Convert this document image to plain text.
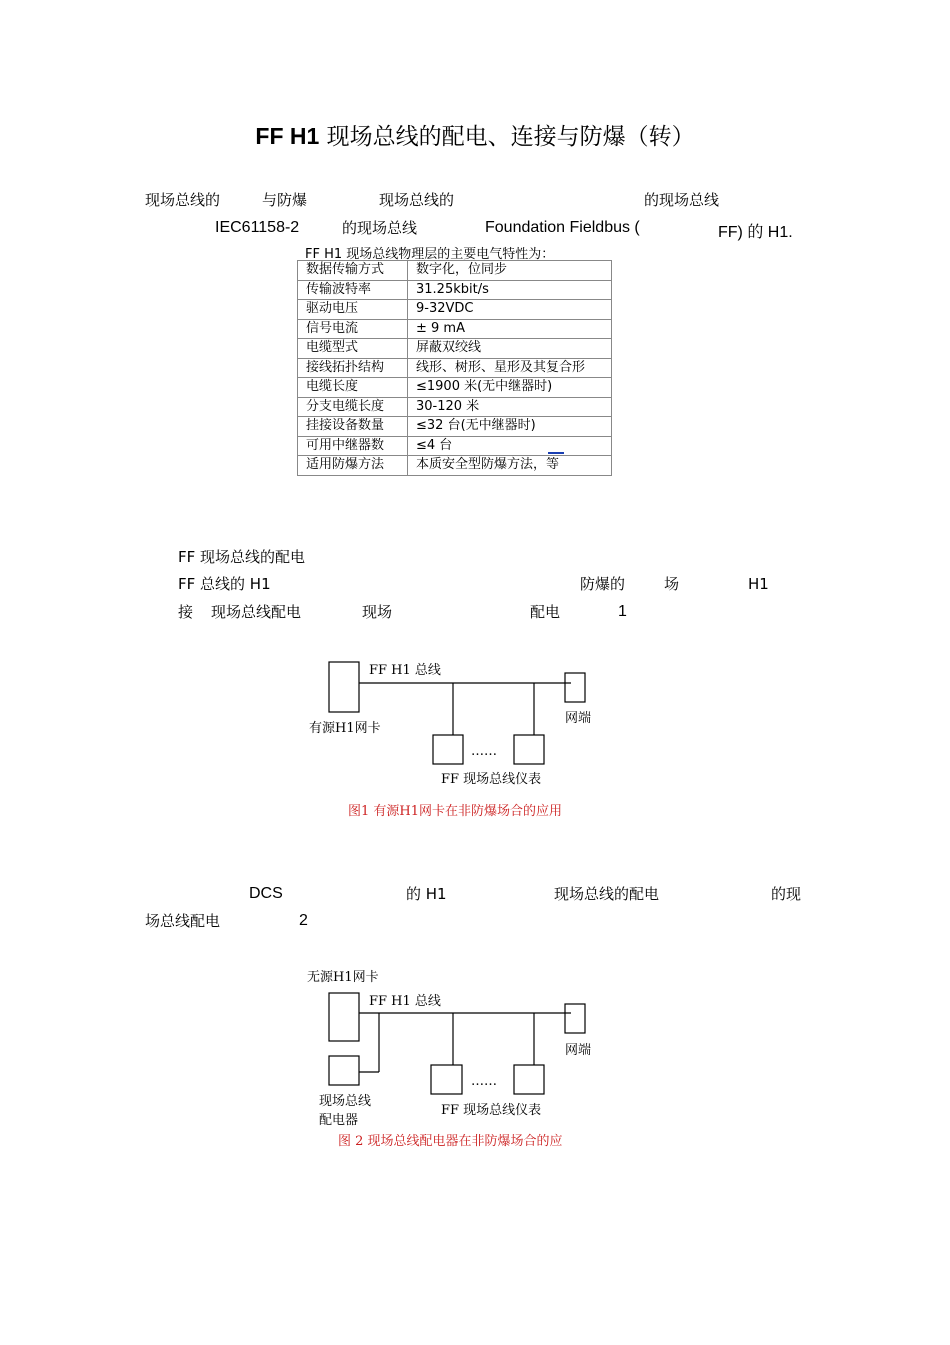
FF H1 现场总线的配电、连接与防爆（转）
现场总线的	与防爆	现场总线的	的现场总线
IEC61158-2	的现场总线	Foundation Fieldbus (	FF) 的 H1.
FF H1 现场总线物理层的主要电气特性为：
数据传输方式	数字化，位同步
传输波特率	31.25kbit/s
驱动电压	9-32VDC
信号电流	± 9 mA
电缆型式	屏蔽双绞线
接线拓扑结构	线形、树形、星形及其复合形
电缆长度	≤1900 米(无中继器时)
分支电缆长度	30-120 米
挂接设备数量	≤32 台(无中继器时)
可用中继器数	≤4 台
适用防爆方法	本质安全型防爆方法，等
FF 现场总线的配电
FF 总线的 H1	防爆的	场	H1
接 现场总线配电	现场	配电	1
FF H1 总线
有源H1网卡
网端
……
FF 现场总线仪表
图1 有源H1网卡在非防爆场合的应用
DCS	的 H1	现场总线的配电	的现
场总线配电	2
无源H1网卡
FF H1 总线
网端
……
现场总线
配电器
FF 现场总线仪表
图 2 现场总线配电器在非防爆场合的应
